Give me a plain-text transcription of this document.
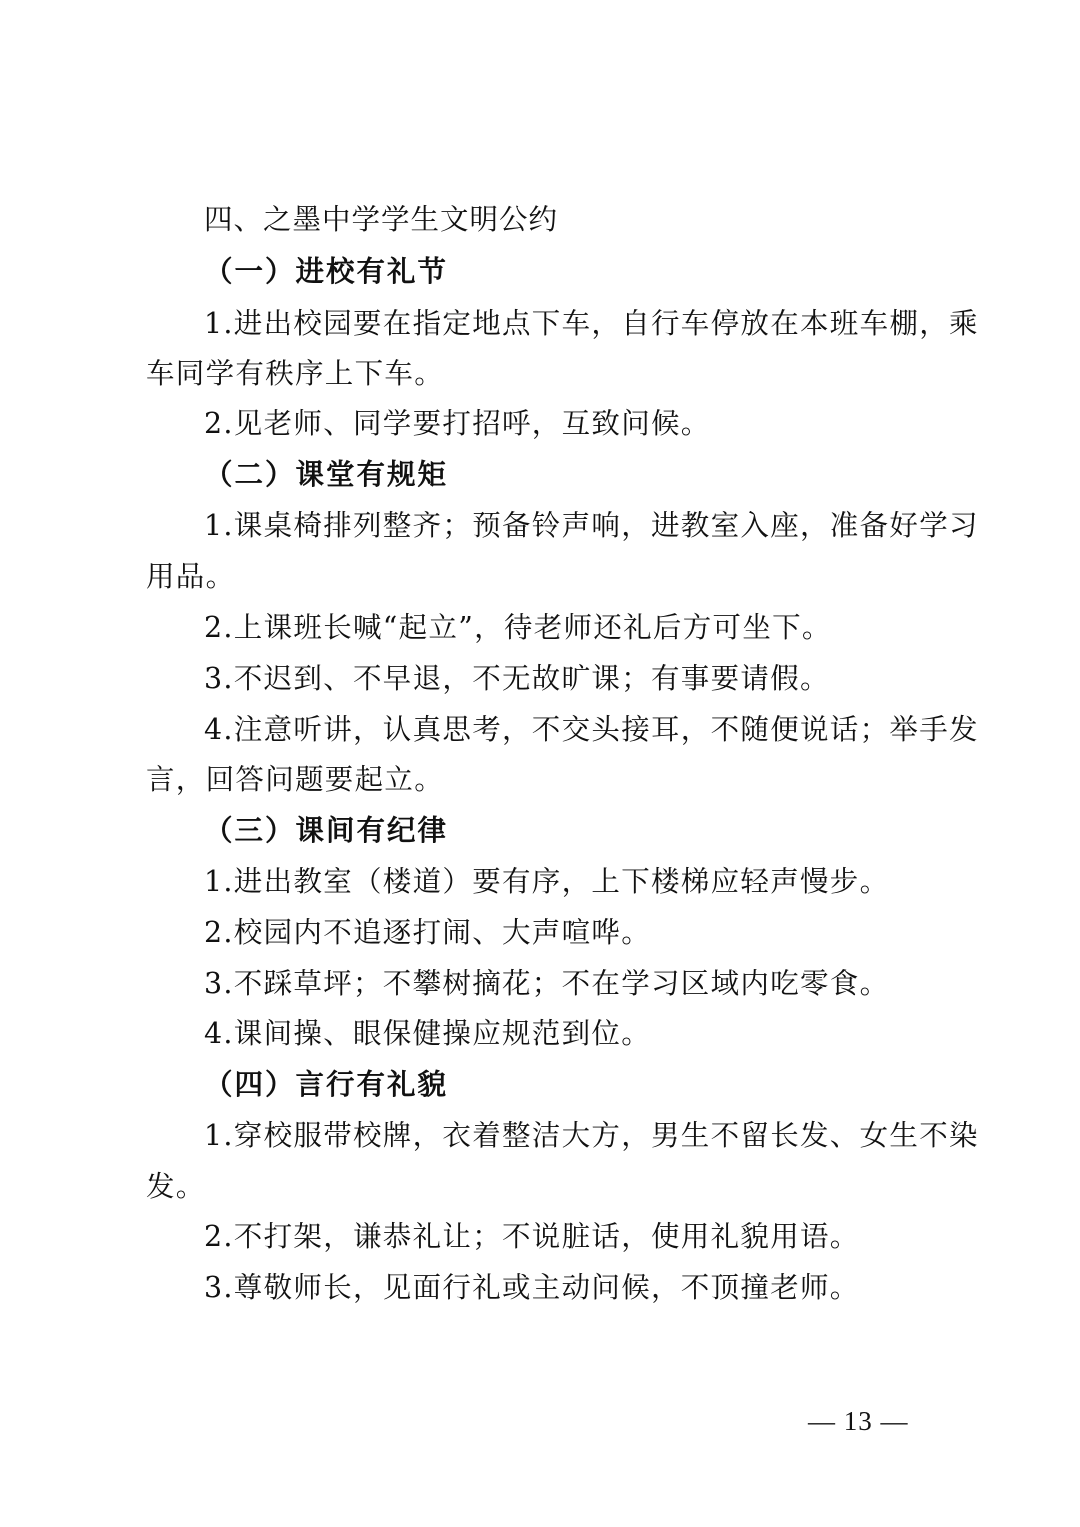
四、之墨中学学生文明公约
（一）进校有礼节
1.进出校园要在指定地点下车，自行车停放在本班车棚，乘
车同学有秩序上下车。
2.见老师、同学要打招呼，互致问候。
（二）课堂有规矩
1.课桌椅排列整齐；预备铃声响，进教室入座，准备好学习
用品。
2.上课班长喊“起立”，待老师还礼后方可坐下。
3.不迟到、不早退，不无故旷课；有事要请假。
4.注意听讲，认真思考，不交头接耳，不随便说话；举手发
言，回答问题要起立。
（三）课间有纪律
1.进出教室（楼道）要有序，上下楼梯应轻声慢步。
2.校园内不追逐打闹、大声喧哗。
3.不踩草坪；不攀树摘花；不在学习区域内吃零食。
4.课间操、眼保健操应规范到位。
（四）言行有礼貌
1.穿校服带校牌，衣着整洁大方，男生不留长发、女生不染
发。
2.不打架，谦恭礼让；不说脏话，使用礼貌用语。
3.尊敬师长，见面行礼或主动问候，不顶撞老师。
— 13 —
